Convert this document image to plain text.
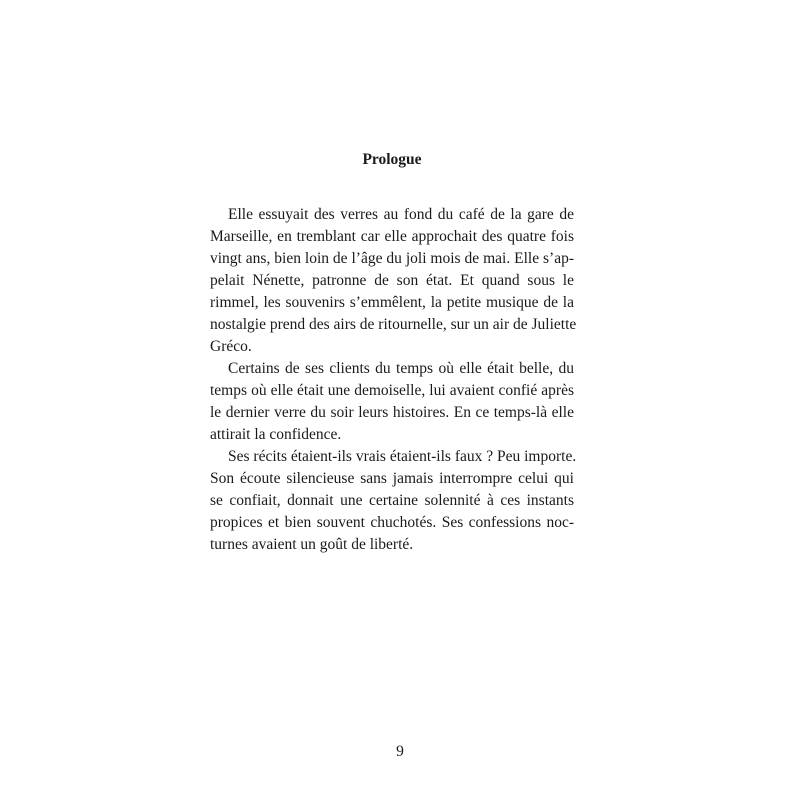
Prologue

Elle essuyait des verres au fond du café de la gare de

Marseille, en tremblant car elle approchait des quatre fois

vingt ans, bien loin de l’âge du joli mois de mai. Elle s’ap-

pelait Nénette, patronne de son état. Et quand sous le

rimmel, les souvenirs s’emmêlent, la petite musique de la

nostalgie prend des airs de ritournelle, sur un air de Juliette

Gréco.

Certains de ses clients du temps où elle était belle, du

temps où elle était une demoiselle, lui avaient confié après

le dernier verre du soir leurs histoires. En ce temps-là elle

attirait la confidence.

Ses récits étaient-ils vrais étaient-ils faux ? Peu importe.

Son écoute silencieuse sans jamais interrompre celui qui

se confiait, donnait une certaine solennité à ces instants

propices et bien souvent chuchotés. Ses confessions noc-

turnes avaient un goût de liberté.

9
